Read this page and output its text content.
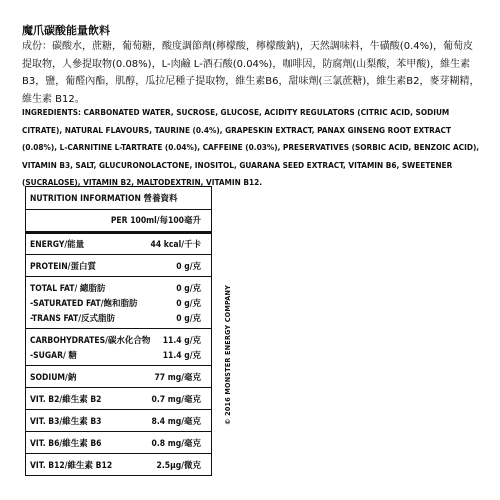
魔爪碳酸能量飲料
成份：碳酸水，蔗糖，葡萄糖，酸度調節劑(檸檬酸，檸檬酸鈉)，天然調味料，牛磺酸(0.4%)，葡萄皮提取物，人參提取物(0.08%)，L-肉鹼 L-酒石酸(0.04%)，咖啡因，防腐劑(山梨酸，苯甲酸)，維生素B3，鹽，葡醛內酯，肌醇，瓜拉尼種子提取物，維生素B6，甜味劑(三氯蔗糖)，維生素B2，麥芽糊精，維生素 B12。
INGREDIENTS: CARBONATED WATER, SUCROSE, GLUCOSE, ACIDITY REGULATORS (CITRIC ACID, SODIUM CITRATE), NATURAL FLAVOURS, TAURINE (0.4%), GRAPESKIN EXTRACT, PANAX GINSENG ROOT EXTRACT (0.08%), L-CARNITINE L-TARTRATE (0.04%), CAFFEINE (0.03%), PRESERVATIVES (SORBIC ACID, BENZOIC ACID), VITAMIN B3, SALT, GLUCURONOLACTONE, INOSITOL, GUARANA SEED EXTRACT, VITAMIN B6, SWEETENER (SUCRALOSE), VITAMIN B2, MALTODEXTRIN, VITAMIN B12.
NUTRITION INFORMATION 營養資料
PER 100ml/每100毫升
ENERGY/能量	44 kcal/千卡
PROTEIN/蛋白質	0 g/克
TOTAL FAT/ 總脂肪	0 g/克
-SATURATED FAT/飽和脂肪	0 g/克
-TRANS FAT/反式脂肪	0 g/克
CARBOHYDRATES/碳水化合物 11.4 g/克
-SUGAR/ 糖	11.4 g/克
SODIUM/鈉	77 mg/毫克
VIT. B2/維生素 B2	0.7 mg/毫克
VIT. B3/維生素 B3	8.4 mg/毫克
VIT. B6/維生素 B6	0.8 mg/毫克
VIT. B12/維生素 B12	2.5μg/微克
© 2016 MONSTER ENERGY COMPANY
